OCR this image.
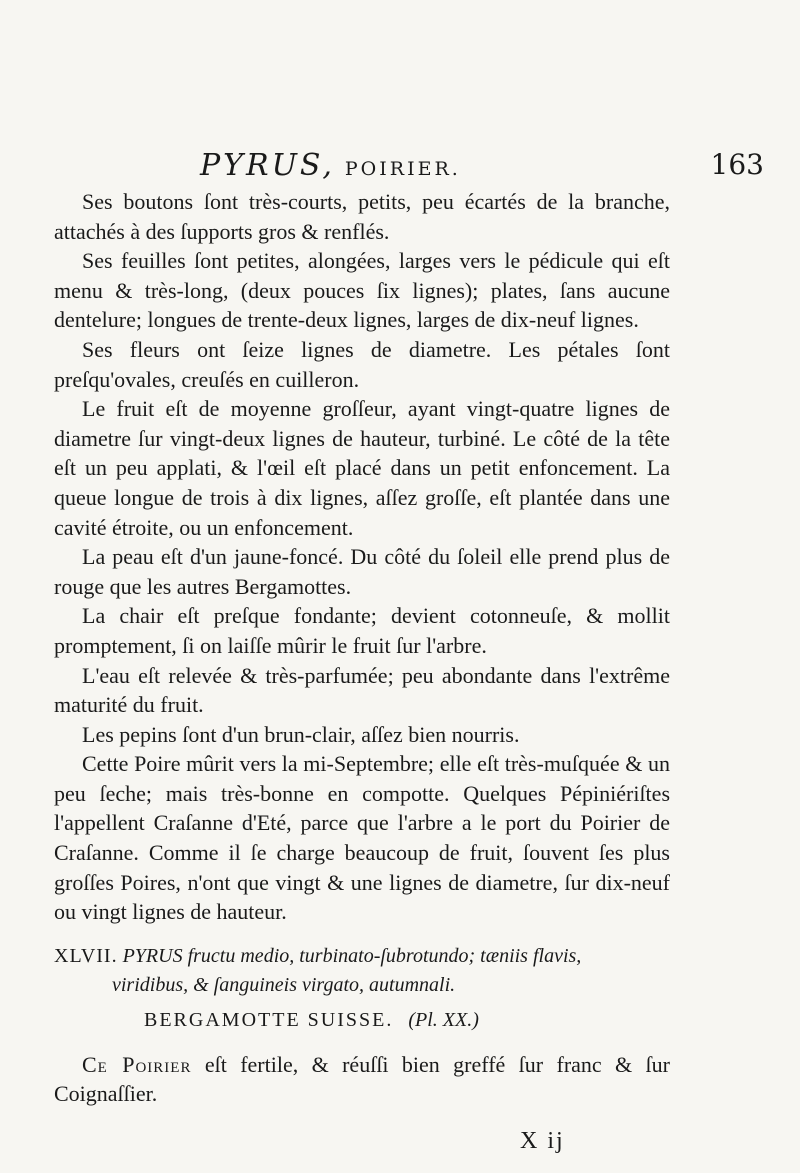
PYRUS, POIRIER.	163

Ses boutons ſont très-courts, petits, peu écartés de la branche, attachés à des ſupports gros & renflés.

Ses feuilles ſont petites, alongées, larges vers le pédicule qui eſt menu & très-long, (deux pouces ſix lignes); plates, ſans aucune dentelure; longues de trente-deux lignes, larges de dix-neuf lignes.

Ses fleurs ont ſeize lignes de diametre. Les pétales ſont preſqu'ovales, creuſés en cuilleron.

Le fruit eſt de moyenne groſſeur, ayant vingt-quatre lignes de diametre ſur vingt-deux lignes de hauteur, turbiné. Le côté de la tête eſt un peu applati, & l'œil eſt placé dans un petit enfoncement. La queue longue de trois à dix lignes, aſſez groſſe, eſt plantée dans une cavité étroite, ou un enfoncement.

La peau eſt d'un jaune-foncé. Du côté du ſoleil elle prend plus de rouge que les autres Bergamottes.

La chair eſt preſque fondante; devient cotonneuſe, & mollit promptement, ſi on laiſſe mûrir le fruit ſur l'arbre.

L'eau eſt relevée & très-parfumée; peu abondante dans l'extrême maturité du fruit.

Les pepins ſont d'un brun-clair, aſſez bien nourris.

Cette Poire mûrit vers la mi-Septembre; elle eſt très-muſquée & un peu ſeche; mais très-bonne en compotte. Quelques Pépiniériſtes l'appellent Craſanne d'Eté, parce que l'arbre a le port du Poirier de Craſanne. Comme il ſe charge beaucoup de fruit, ſouvent ſes plus groſſes Poires, n'ont que vingt & une lignes de diametre, ſur dix-neuf ou vingt lignes de hauteur.

XLVII. PYRUS fructu medio, turbinato-ſubrotundo; tæniis flavis,
viridibus, & ſanguineis virgato, autumnali.
BERGAMOTTE SUISSE. (Pl. XX.)

Ce Poirier eſt fertile, & réuſſi bien greffé ſur franc & ſur Coignaſſier.

X ij
